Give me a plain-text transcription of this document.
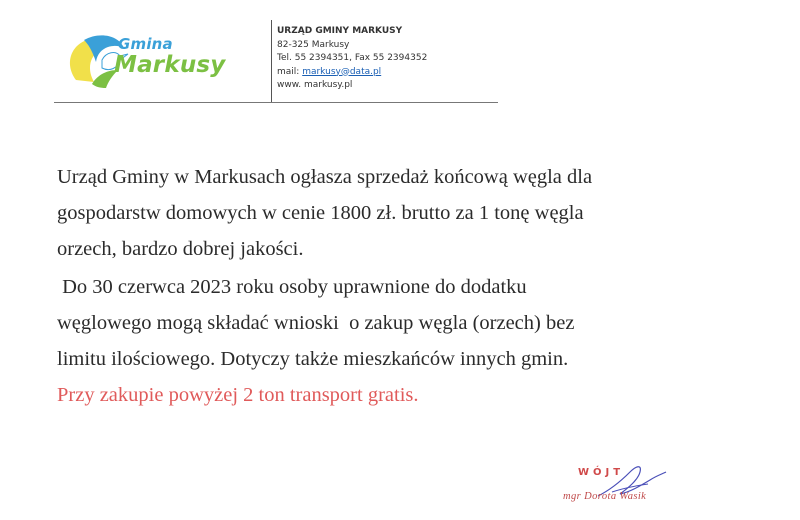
Gmina
Markusy
URZĄD GMINY MARKUSY
82-325 Markusy
Tel. 55 2394351, Fax 55 2394352
mail: markusy@data.pl
www. markusy.pl
Urząd Gminy w Markusach ogłasza sprzedaż końcową węgla dla
gospodarstw domowych w cenie 1800 zł. brutto za 1 tonę węgla
orzech, bardzo dobrej jakości.
Do 30 czerwca 2023 roku osoby uprawnione do dodatku
węglowego mogą składać wnioski  o zakup węgla (orzech) bez
limitu ilościowego. Dotyczy także mieszkańców innych gmin.
Przy zakupie powyżej 2 ton transport gratis.
WÓJT
mgr Dorota Wasik
